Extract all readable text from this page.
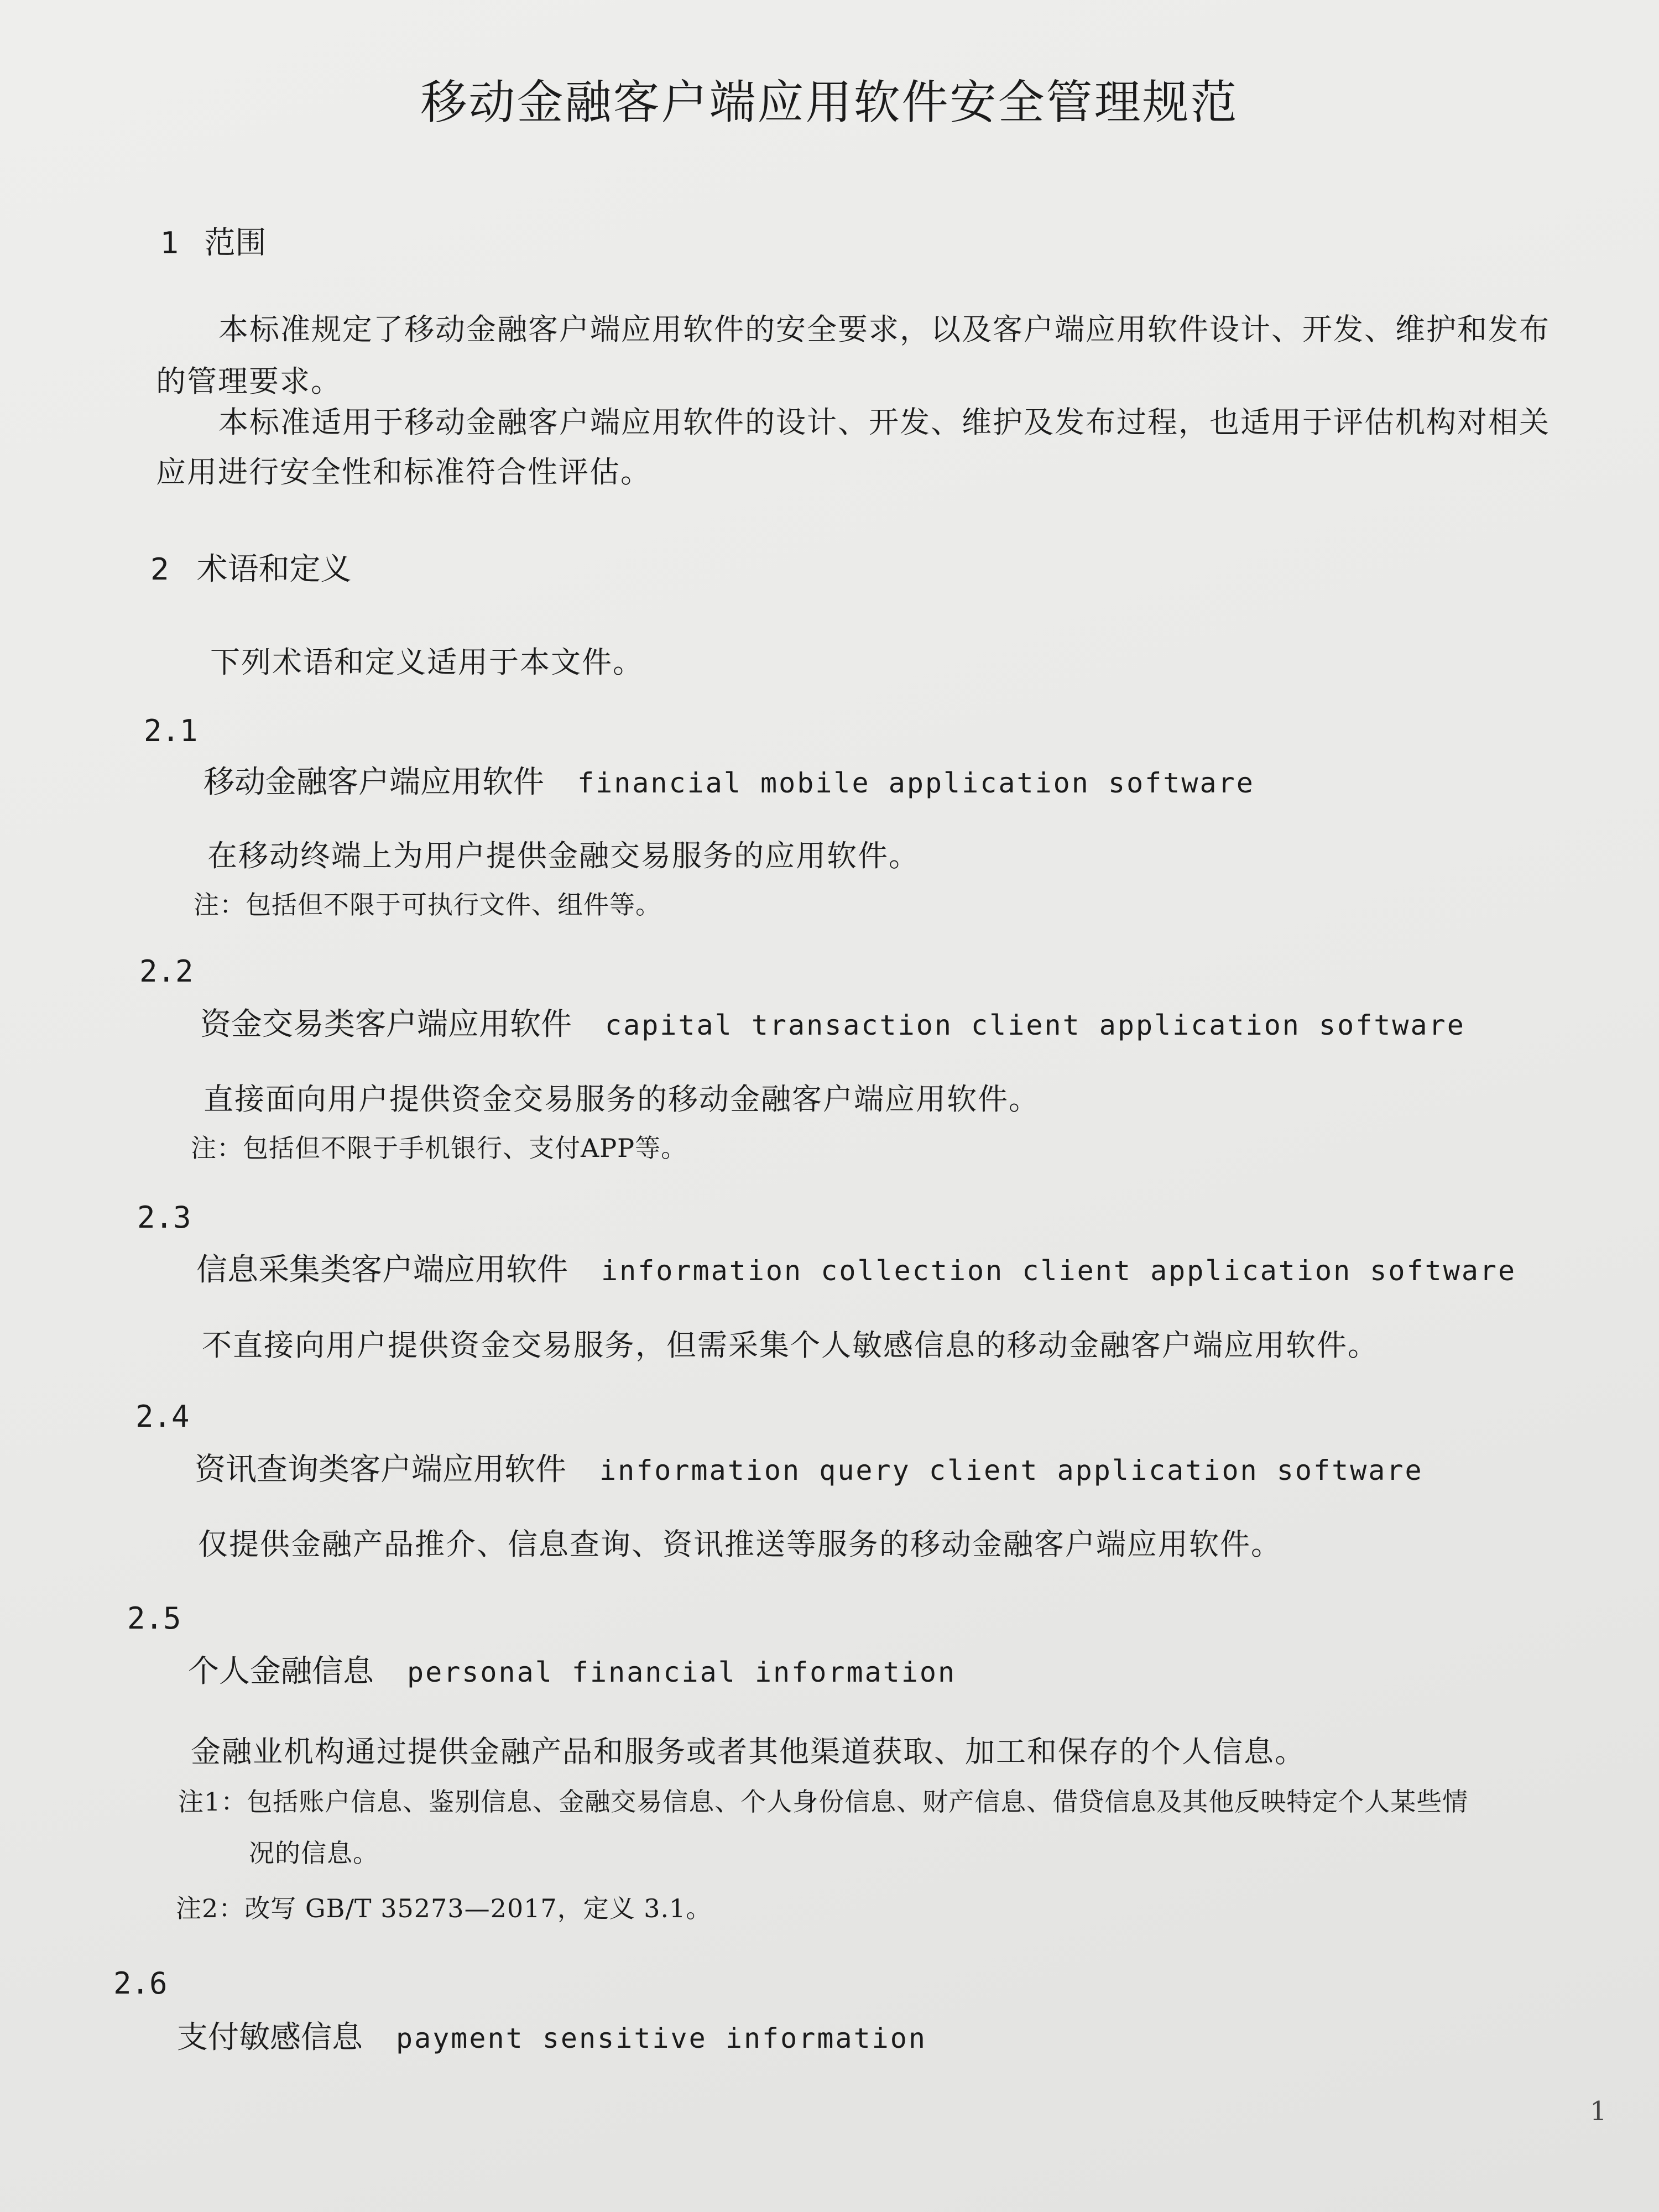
移动金融客户端应用软件安全管理规范
1 范围
本标准规定了移动金融客户端应用软件的安全要求，以及客户端应用软件设计、开发、维护和发布
的管理要求。
本标准适用于移动金融客户端应用软件的设计、开发、维护及发布过程，也适用于评估机构对相关
应用进行安全性和标准符合性评估。
2 术语和定义
下列术语和定义适用于本文件。
2.1
移动金融客户端应用软件 financial mobile application software
在移动终端上为用户提供金融交易服务的应用软件。
注：包括但不限于可执行文件、组件等。
2.2
资金交易类客户端应用软件 capital transaction client application software
直接面向用户提供资金交易服务的移动金融客户端应用软件。
注：包括但不限于手机银行、支付APP等。
2.3
信息采集类客户端应用软件 information collection client application software
不直接向用户提供资金交易服务，但需采集个人敏感信息的移动金融客户端应用软件。
2.4
资讯查询类客户端应用软件 information query client application software
仅提供金融产品推介、信息查询、资讯推送等服务的移动金融客户端应用软件。
2.5
个人金融信息 personal financial information
金融业机构通过提供金融产品和服务或者其他渠道获取、加工和保存的个人信息。
注1：包括账户信息、鉴别信息、金融交易信息、个人身份信息、财产信息、借贷信息及其他反映特定个人某些情
况的信息。
注2：改写 GB/T 35273—2017，定义 3.1。
2.6
支付敏感信息 payment sensitive information
1
